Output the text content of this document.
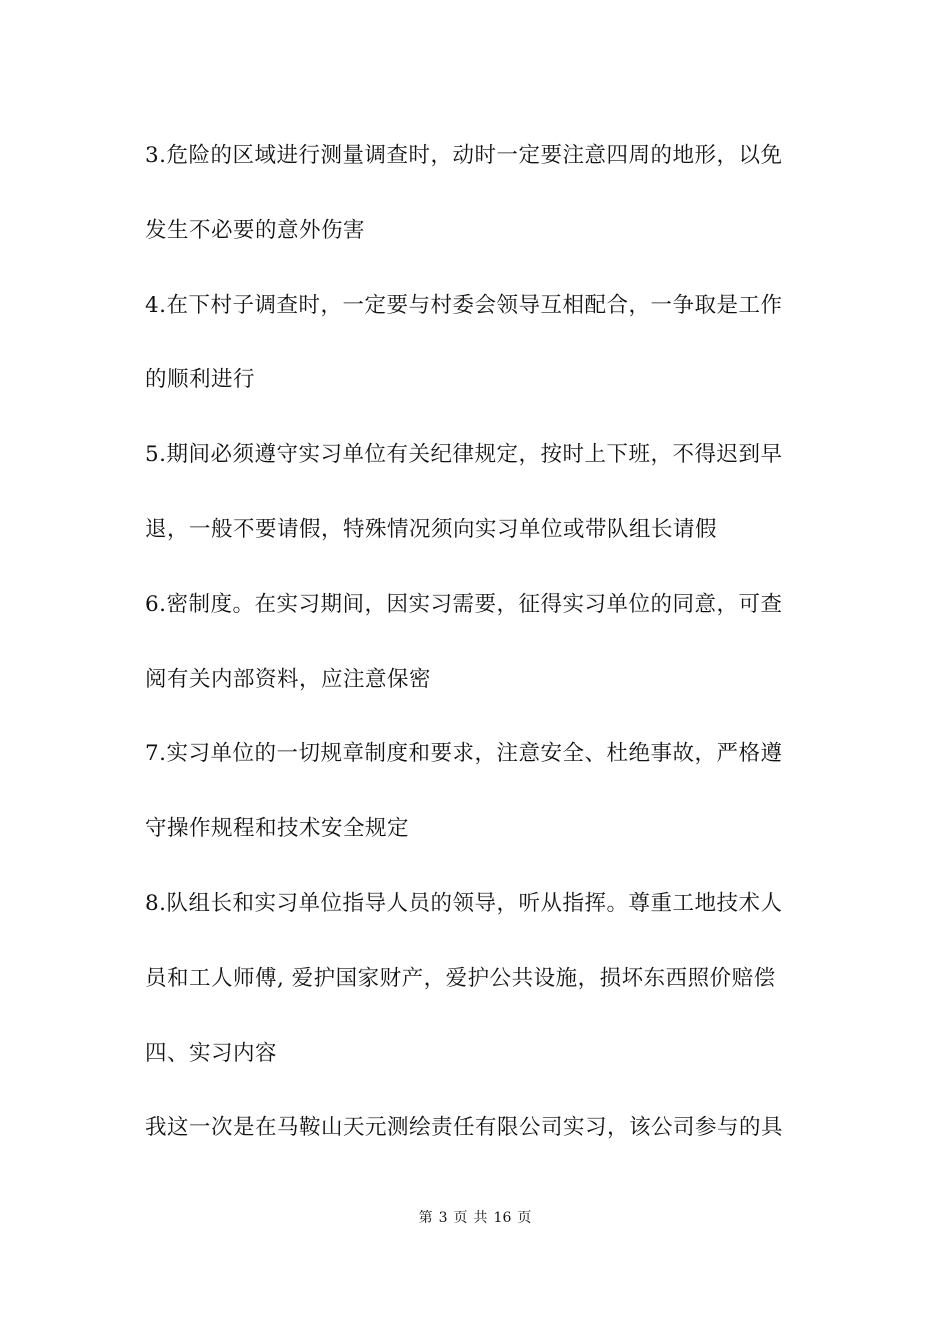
3.危险的区域进行测量调查时，动时一定要注意四周的地形，以免
发生不必要的意外伤害
4.在下村子调查时，一定要与村委会领导互相配合，一争取是工作
的顺利进行
5.期间必须遵守实习单位有关纪律规定，按时上下班，不得迟到早
退，一般不要请假，特殊情况须向实习单位或带队组长请假
6.密制度。在实习期间，因实习需要，征得实习单位的同意，可查
阅有关内部资料，应注意保密
7.实习单位的一切规章制度和要求，注意安全、杜绝事故，严格遵
守操作规程和技术安全规定
8.队组长和实习单位指导人员的领导，听从指挥。尊重工地技术人
员和工人师傅, 爱护国家财产，爱护公共设施，损坏东西照价赔偿
四、实习内容
我这一次是在马鞍山天元测绘责任有限公司实习，该公司参与的具
第 3 页 共 16 页
